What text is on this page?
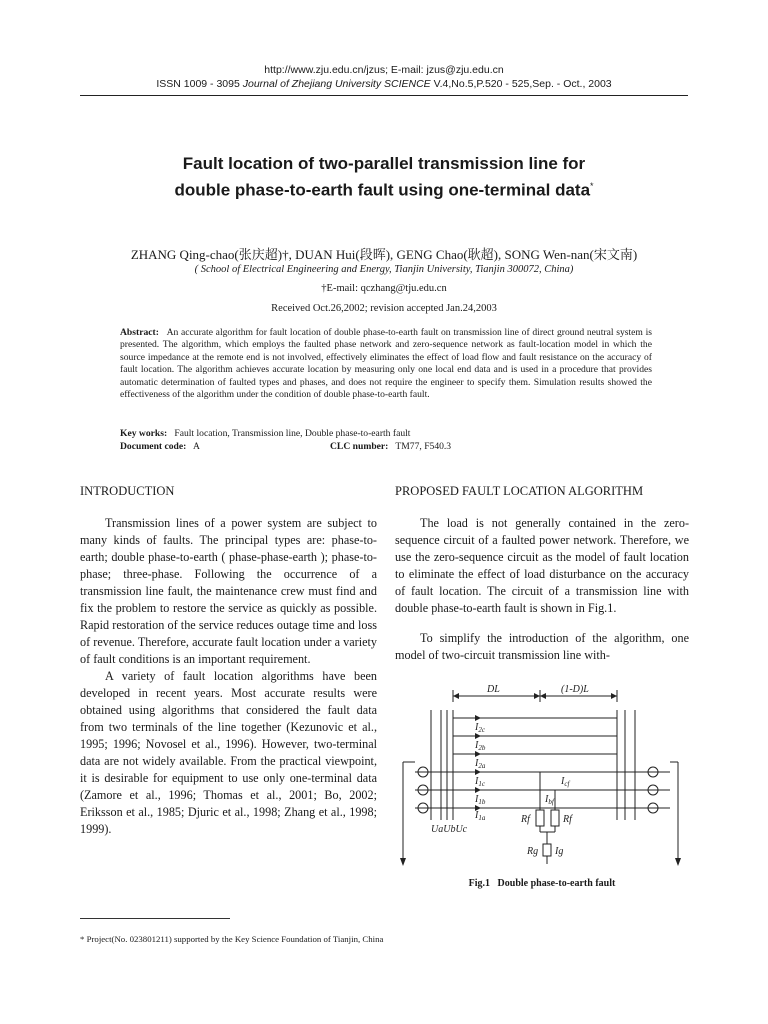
http://www.zju.edu.cn/jzus; E-mail: jzus@zju.edu.cn
ISSN 1009 - 3095 Journal of Zhejiang University SCIENCE V.4,No.5,P.520 - 525,Sep. - Oct., 2003
Fault location of two-parallel transmission line for
double phase-to-earth fault using one-terminal data*
ZHANG Qing-chao(张庆超)†, DUAN Hui(段晖), GENG Chao(耿超), SONG Wen-nan(宋文南)
( School of Electrical Engineering and Energy, Tianjin University, Tianjin 300072, China)
†E-mail: qczhang@tju.edu.cn
Received Oct.26,2002; revision accepted Jan.24,2003
Abstract: An accurate algorithm for fault location of double phase-to-earth fault on transmission line of direct ground neutral system is presented. The algorithm, which employs the faulted phase network and zero-sequence network as fault-location model in which the source impedance at the remote end is not involved, effectively eliminates the effect of load flow and fault resistance on the accuracy of fault location. The algorithm achieves accurate location by measuring only one local end data and is used in a procedure that provides automatic determination of faulted types and phases, and does not require the engineer to specify them. Simulation results showed the effectiveness of the algorithm under the condition of double phase-to-earth fault.
Key works: Fault location, Transmission line, Double phase-to-earth fault
Document code: A	CLC number: TM77, F540.3
INTRODUCTION	PROPOSED FAULT LOCATION ALGORITHM
Transmission lines of a power system are subject to many kinds of faults. The principal types are: phase-to-earth; double phase-to-earth ( phase-phase-earth ); phase-to-phase; three-phase. Following the occurrence of a transmission line fault, the maintenance crew must find and fix the problem to restore the service as quickly as possible. Rapid restoration of the service reduces outage time and loss of revenue. Therefore, accurate fault location under a variety of fault conditions is an important requirement.
A variety of fault location algorithms have been developed in recent years. Most accurate results were obtained using algorithms that considered the fault data from two terminals of the line together (Kezunovic et al., 1995; 1996; Novosel et al., 1996). However, two-terminal data are not widely available. From the practical viewpoint, it is desirable for equipment to use only one-terminal data (Zamore et al., 1996; Thomas et al., 2001; Bo, 2002; Eriksson et al., 1985; Djuric et al., 1998; Zhang et al., 1998; 1999).
The load is not generally contained in the zero-sequence circuit of a faulted power network. Therefore, we use the zero-sequence circuit as the model of fault location to eliminate the effect of load disturbance on the accuracy of fault location. The circuit of a transmission line with double phase-to-earth fault is shown in Fig.1.
To simplify the introduction of the algorithm, one model of two-circuit transmission line with-
DL	(1-D)L
$I_{2c}$
$I_{2b}$
$I_{2a}$
$I_{1c}$
$I_{1b}$
$I_{1a}$
$I_{cf}$
$I_{bf}$
UaUbUc
Rf	Rf
Rg Ig
Fig.1 Double phase-to-earth fault
* Project(No. 023801211) supported by the Key Science Foundation of Tianjin, China
